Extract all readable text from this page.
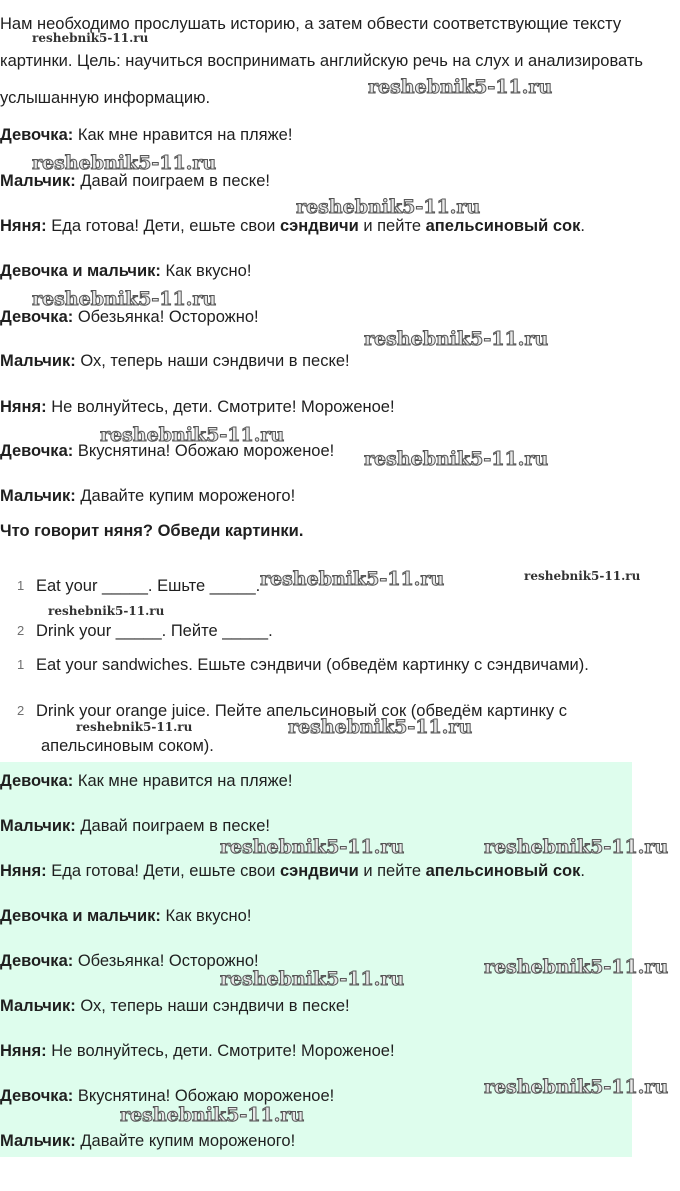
Нам необходимо прослушать историю, а затем обвести соответствующие тексту картинки. Цель: научиться воспринимать английскую речь на слух и анализировать услышанную информацию.
Девочка: Как мне нравится на пляже!
Мальчик: Давай поиграем в песке!
Няня: Еда готова! Дети, ешьте свои сэндвичи и пейте апельсиновый сок.
Девочка и мальчик: Как вкусно!
Девочка: Обезьянка! Осторожно!
Мальчик: Ох, теперь наши сэндвичи в песке!
Няня: Не волнуйтесь, дети. Смотрите! Мороженое!
Девочка: Вкуснятина! Обожаю мороженое!
Мальчик: Давайте купим мороженого!
Что говорит няня? Обведи картинки.
1 Eat your _____. Ешьте _____.
2 Drink your _____. Пейте _____.
1 Eat your sandwiches. Ешьте сэндвичи (обведём картинку с сэндвичами).
2 Drink your orange juice. Пейте апельсиновый сок (обведём картинку с
апельсиновым соком).
Девочка: Как мне нравится на пляже!
Мальчик: Давай поиграем в песке!
Няня: Еда готова! Дети, ешьте свои сэндвичи и пейте апельсиновый сок.
Девочка и мальчик: Как вкусно!
Девочка: Обезьянка! Осторожно!
Мальчик: Ох, теперь наши сэндвичи в песке!
Няня: Не волнуйтесь, дети. Смотрите! Мороженое!
Девочка: Вкуснятина! Обожаю мороженое!
Мальчик: Давайте купим мороженого!
reshebnik5-11.ru
reshebnik5-11.ru
reshebnik5-11.ru
reshebnik5-11.ru
reshebnik5-11.ru
reshebnik5-11.ru
reshebnik5-11.ru
reshebnik5-11.ru
reshebnik5-11.ru	reshebnik5-11.ru
reshebnik5-11.ru
reshebnik5-11.ru	reshebnik5-11.ru
reshebnik5-11.ru	reshebnik5-11.ru
reshebnik5-11.ru
reshebnik5-11.ru
reshebnik5-11.ru
reshebnik5-11.ru
